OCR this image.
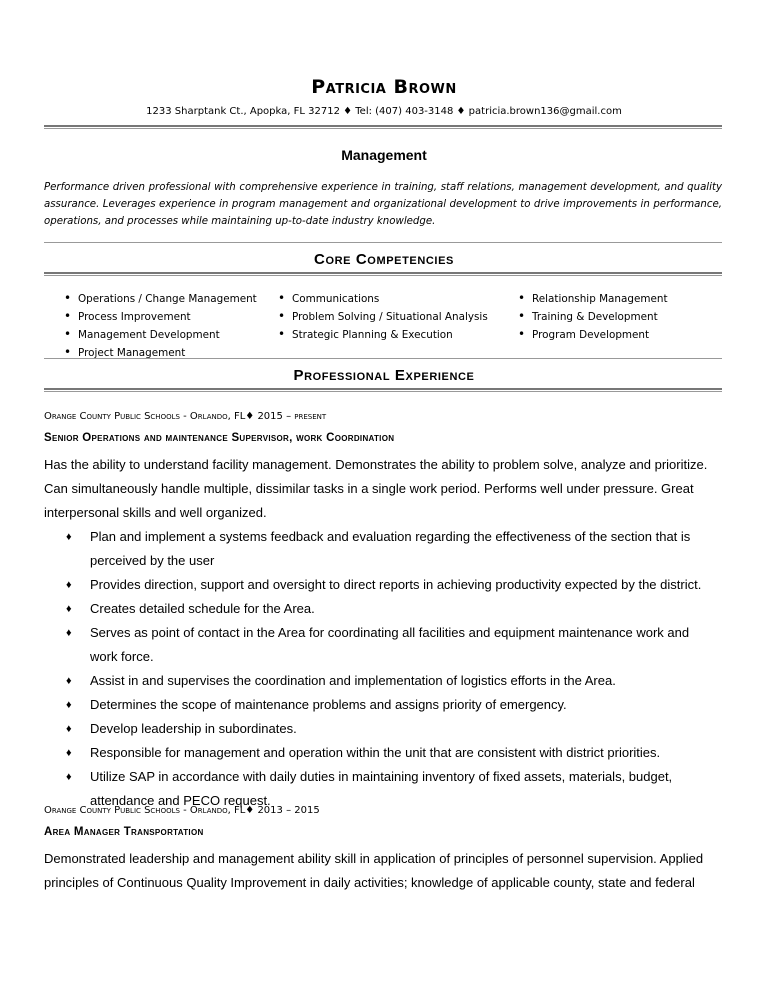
Patricia Brown
1233 Sharptank Ct., Apopka, FL 32712 ♦ Tel: (407) 403-3148 ♦ patricia.brown136@gmail.com
Management
Performance driven professional with comprehensive experience in training, staff relations, management development, and quality assurance. Leverages experience in program management and organizational development to drive improvements in performance, operations, and processes while maintaining up-to-date industry knowledge.
Core Competencies
• Operations / Change Management
• Process Improvement
• Management Development
• Project Management
• Communications
• Problem Solving / Situational Analysis
• Strategic Planning & Execution
• Relationship Management
• Training & Development
• Program Development
Professional Experience
Orange County Public Schools - Orlando, FL♦ 2015 – present
Senior Operations and maintenance Supervisor, work Coordination
Has the ability to understand facility management. Demonstrates the ability to problem solve, analyze and prioritize. Can simultaneously handle multiple, dissimilar tasks in a single work period. Performs well under pressure. Great interpersonal skills and well organized.
♦ Plan and implement a systems feedback and evaluation regarding the effectiveness of the section that is perceived by the user
♦ Provides direction, support and oversight to direct reports in achieving productivity expected by the district.
♦ Creates detailed schedule for the Area.
♦ Serves as point of contact in the Area for coordinating all facilities and equipment maintenance work and work force.
♦ Assist in and supervises the coordination and implementation of logistics efforts in the Area.
♦ Determines the scope of maintenance problems and assigns priority of emergency.
♦ Develop leadership in subordinates.
♦ Responsible for management and operation within the unit that are consistent with district priorities.
♦ Utilize SAP in accordance with daily duties in maintaining inventory of fixed assets, materials, budget, attendance and PECO request.
Orange County Public Schools - Orlando, FL♦ 2013 – 2015
Area Manager Transportation
Demonstrated leadership and management ability skill in application of principles of personnel supervision. Applied principles of Continuous Quality Improvement in daily activities; knowledge of applicable county, state and federal
